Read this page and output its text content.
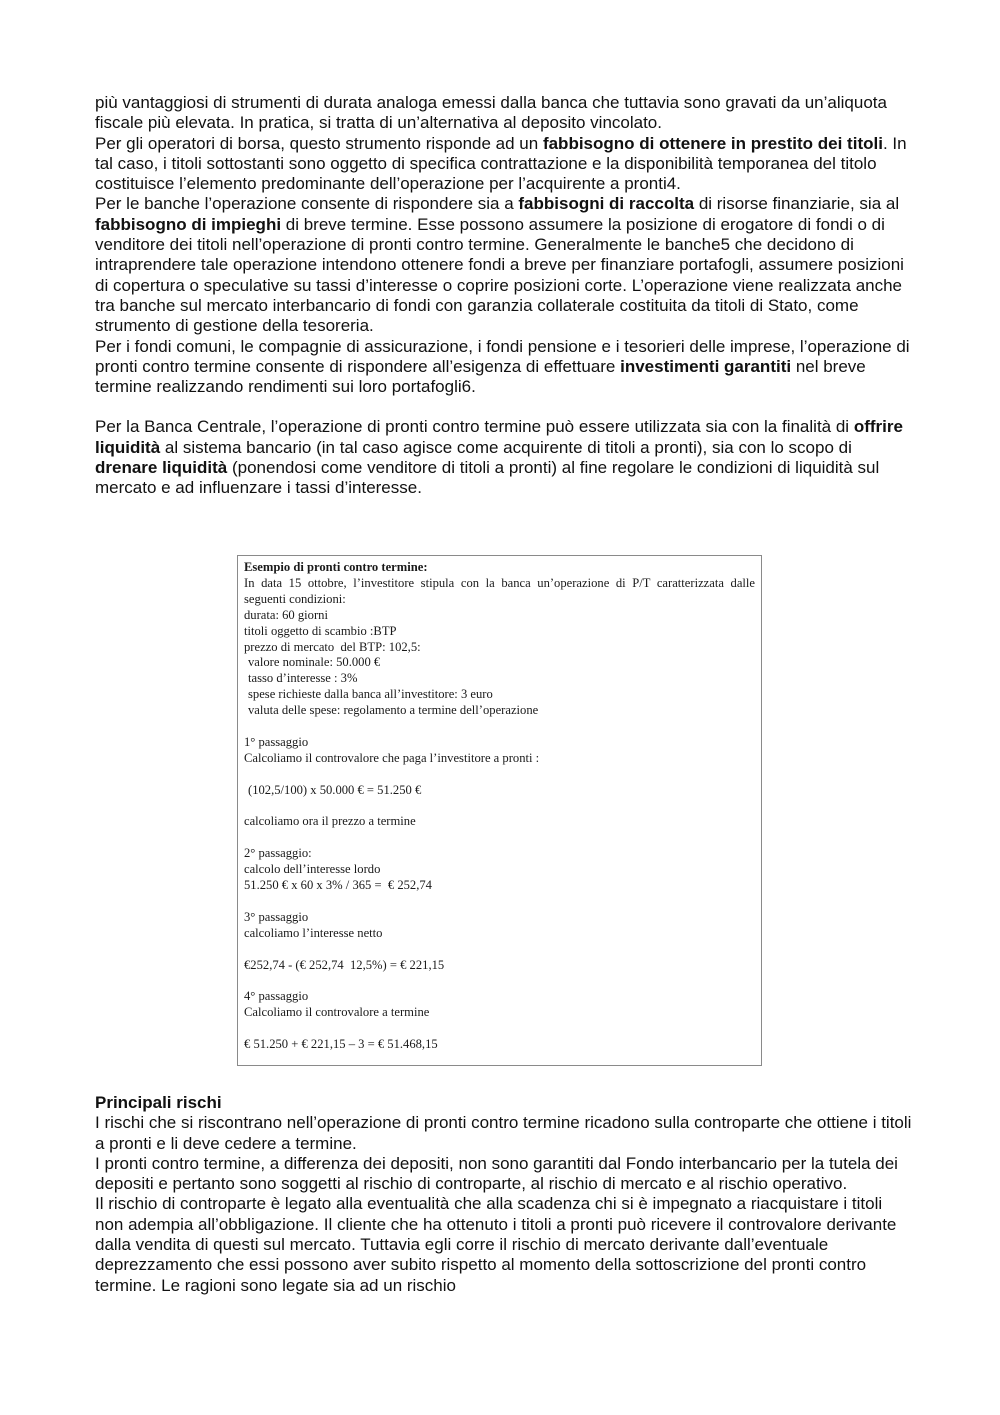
più vantaggiosi di strumenti di durata analoga emessi dalla banca che tuttavia sono gravati da un’aliquota fiscale più elevata. In pratica, si tratta di un’alternativa al deposito vincolato.

Per gli operatori di borsa, questo strumento risponde ad un fabbisogno di ottenere in prestito dei titoli. In tal caso, i titoli sottostanti sono oggetto di specifica contrattazione e la disponibilità temporanea del titolo costituisce l’elemento predominante dell’operazione per l’acquirente a pronti4.

Per le banche l’operazione consente di rispondere sia a fabbisogni di raccolta di risorse finanziarie, sia al fabbisogno di impieghi di breve termine. Esse possono assumere la posizione di erogatore di fondi o di venditore dei titoli nell’operazione di pronti contro termine. Generalmente le banche5 che decidono di intraprendere tale operazione intendono ottenere fondi a breve per finanziare portafogli, assumere posizioni di copertura o speculative su tassi d’interesse o coprire posizioni corte. L’operazione viene realizzata anche tra banche sul mercato interbancario di fondi con garanzia collaterale costituita da titoli di Stato, come strumento di gestione della tesoreria.

Per i fondi comuni, le compagnie di assicurazione, i fondi pensione e i tesorieri delle imprese, l’operazione di pronti contro termine consente di rispondere all’esigenza di effettuare investimenti garantiti nel breve termine realizzando rendimenti sui loro portafogli6.

Per la Banca Centrale, l’operazione di pronti contro termine può essere utilizzata sia con la finalità di offrire liquidità al sistema bancario (in tal caso agisce come acquirente di titoli a pronti), sia con lo scopo di drenare liquidità (ponendosi come venditore di titoli a pronti) al fine regolare le condizioni di liquidità sul mercato e ad influenzare i tassi d’interesse.

Esempio di pronti contro termine:
In data 15 ottobre, l’investitore stipula con la banca un’operazione di P/T caratterizzata dalle seguenti condizioni:
durata: 60 giorni
titoli oggetto di scambio :BTP
prezzo di mercato  del BTP: 102,5:
valore nominale: 50.000 €
tasso d’interesse : 3%
spese richieste dalla banca all’investitore: 3 euro
valuta delle spese: regolamento a termine dell’operazione
1° passaggio
Calcoliamo il controvalore che paga l’investitore a pronti :
(102,5/100) x 50.000 € = 51.250 €
calcoliamo ora il prezzo a termine
2° passaggio:
calcolo dell’interesse lordo
51.250 € x 60 x 3% / 365 =  € 252,74
3° passaggio
calcoliamo l’interesse netto
€252,74 - (€ 252,74  12,5%) = € 221,15
4° passaggio
Calcoliamo il controvalore a termine
€ 51.250 + € 221,15 – 3 = € 51.468,15
Principali rischi

I rischi che si riscontrano nell’operazione di pronti contro termine ricadono sulla controparte che ottiene i titoli a pronti e li deve cedere a termine.

I pronti contro termine, a differenza dei depositi, non sono garantiti dal Fondo interbancario per la tutela dei depositi e pertanto sono soggetti al rischio di controparte, al rischio di mercato e al rischio operativo.

Il rischio di controparte è legato alla eventualità che alla scadenza chi si è impegnato a riacquistare i titoli non adempia all’obbligazione. Il cliente che ha ottenuto i titoli a pronti può ricevere il controvalore derivante dalla vendita di questi sul mercato. Tuttavia egli corre il rischio di mercato derivante dall’eventuale deprezzamento che essi possono aver subito rispetto al momento della sottoscrizione del pronti contro termine. Le ragioni sono legate sia ad un rischio
